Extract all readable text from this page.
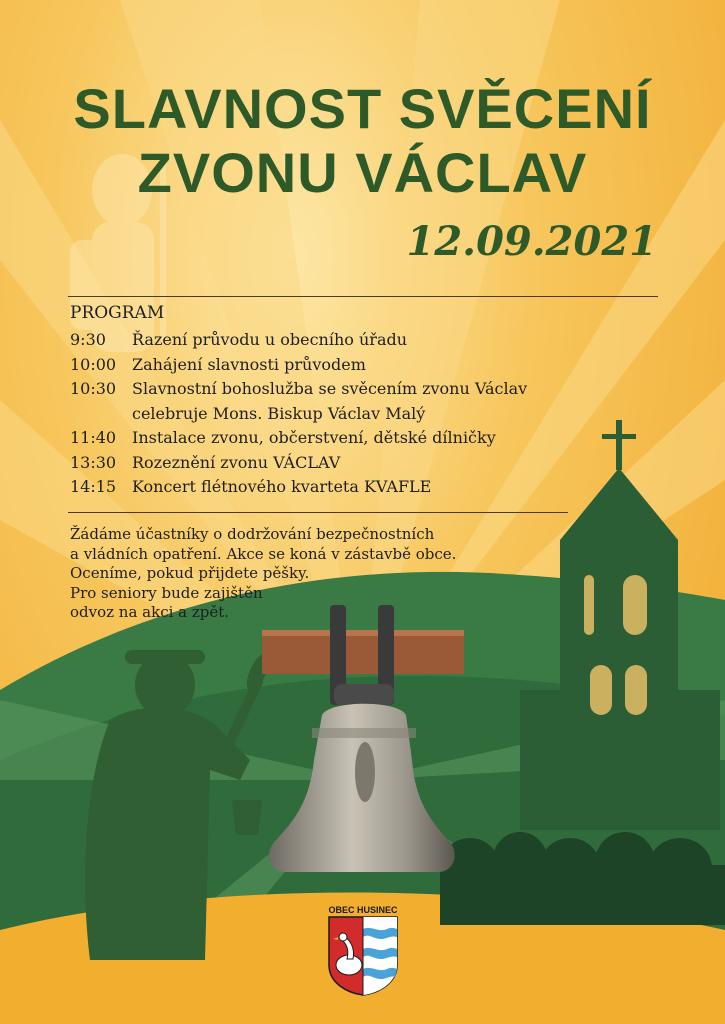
SLAVNOST SVĚCENÍ
ZVONU VÁCLAV
12.09.2021
PROGRAM
9:30	Řazení průvodu u obecního úřadu
10:00 Zahájení slavnosti průvodem
10:30 Slavnostní bohoslužba se svěcením zvonu Václav
celebruje Mons. Biskup Václav Malý
11:40 Instalace zvonu, občerstvení, dětské dílničky
13:30 Rozeznění zvonu VÁCLAV
14:15 Koncert flétnového kvarteta KVAFLE
Žádáme účastníky o dodržování bezpečnostních
a vládních opatření. Akce se koná v zástavbě obce.
Oceníme, pokud přijdete pěšky.
Pro seniory bude zajištěn
odvoz na akci a zpět.
OBEC HUSINEC
